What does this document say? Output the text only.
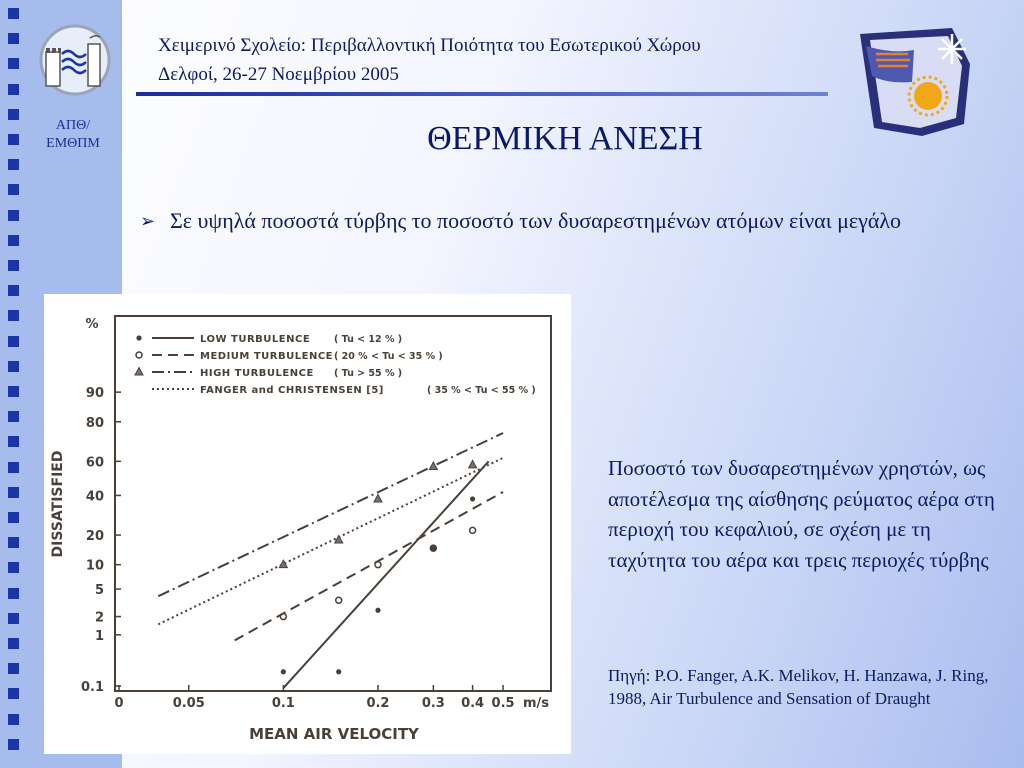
ΑΠΘ/
ΕΜΘΠΜ
Χειμερινό Σχολείο: Περιβαλλοντική Ποιότητα του Εσωτερικού Χώρου
Δελφοί, 26-27 Νοεμβρίου 2005
ΘΕΡΜΙΚΗ ΑΝΕΣΗ
➢ Σε υψηλά ποσοστά τύρβης το ποσοστό των δυσαρεστημένων ατόμων είναι μεγάλο
0.1
1
2
5
10
20
40
60
80
90
0	0.05	0.1	0.2 0.3 0.4 0.5
LOW TURBULENCE	( Tu < 12 % )
MEDIUM TURBULENCE ( 20 % < Tu < 35 % )
HIGH TURBULENCE ( Tu > 55 % )
FANGER and CHRISTENSEN [5]	( 35 % < Tu < 55 % )
%
m/s
DISSATISFIED
MEAN AIR VELOCITY
Ποσοστό των δυσαρεστημένων χρηστών, ως αποτέλεσμα της αίσθησης ρεύματος αέρα στη περιοχή του κεφαλιού, σε σχέση με τη ταχύτητα του αέρα και τρεις περιοχές τύρβης
Πηγή: P.O. Fanger, A.K. Melikov, H. Hanzawa, J. Ring, 1988, Air Turbulence and Sensation of Draught
